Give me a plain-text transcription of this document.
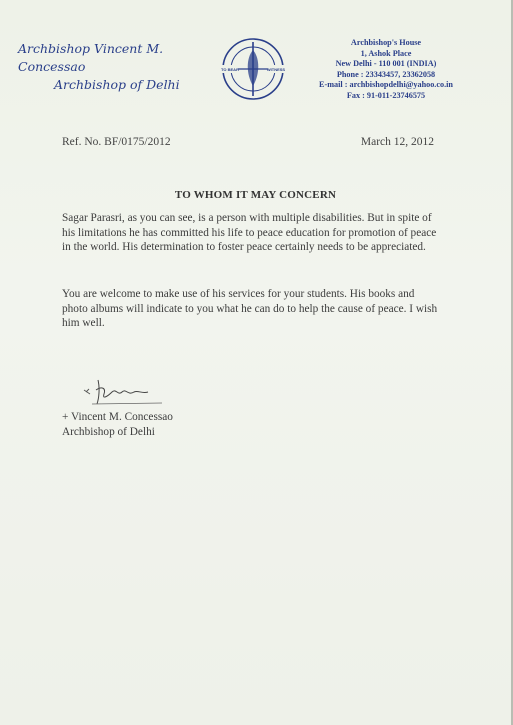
Archbishop Vincent M. Concessao
Archbishop of Delhi
TO BEAR	WITNESS
Archbishop's House
1, Ashok Place
New Delhi - 110 001 (INDIA)
Phone : 23343457, 23362058
E-mail : archbishopdelhi@yahoo.co.in
Fax : 91-011-23746575
Ref. No. BF/0175/2012	March 12, 2012
TO WHOM IT MAY CONCERN
Sagar Parasri, as you can see, is a person with multiple disabilities. But in spite of his limitations he has committed his life to peace education for promotion of peace in the world. His determination to foster peace certainly needs to be appreciated.
You are welcome to make use of his services for your students. His books and photo albums will indicate to you what he can do to help the cause of peace. I wish him well.
+ Vincent M. Concessao
Archbishop of Delhi
